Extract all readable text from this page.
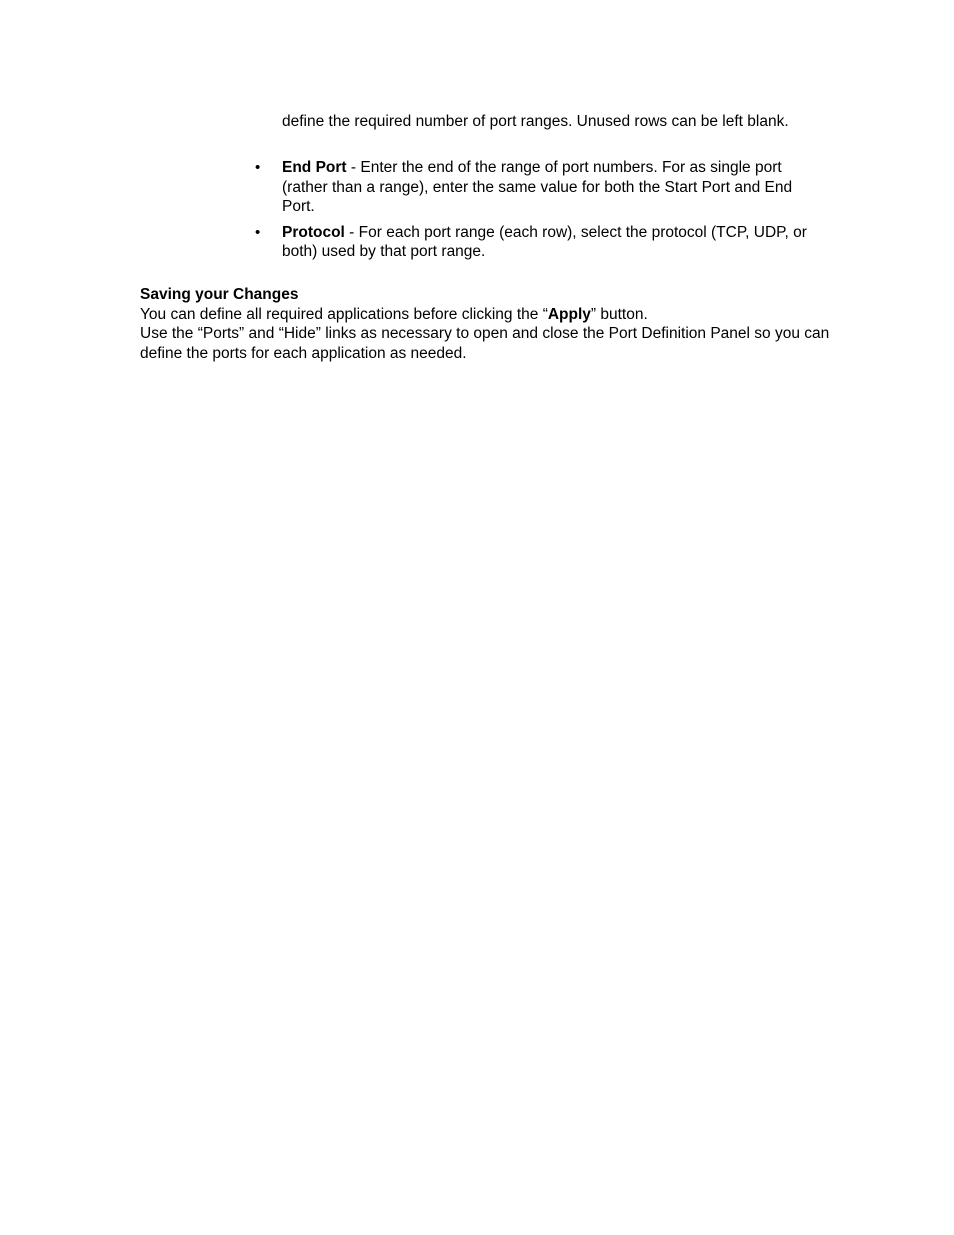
define the required number of port ranges. Unused rows can be left blank.
• End Port - Enter the end of the range of port numbers. For as single port (rather than a range), enter the same value for both the Start Port and End Port.
• Protocol - For each port range (each row), select the protocol (TCP, UDP, or both) used by that port range.

Saving your Changes

You can define all required applications before clicking the “Apply” button.

Use the “Ports” and “Hide” links as necessary to open and close the Port Definition Panel so you can define the ports for each application as needed.
